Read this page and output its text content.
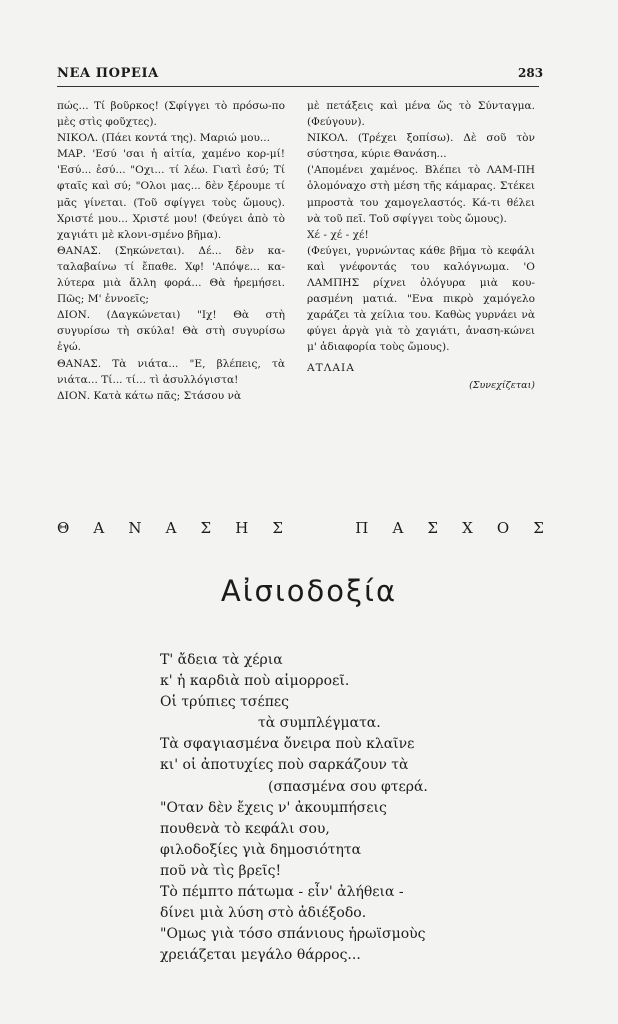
ΝΕΑ ΠΟΡΕΙΑ	283

πώς... Τί βοῦρκος! (Σφίγγει τὸ πρόσω-πο μὲς στὶς φοῦχτες).

ΝΙΚΟΛ. (Πάει κοντά της). Μαριώ μου...

ΜΑΡ. 'Εσύ 'σαι ἡ αἰτία, χαμένο κορ-μί! 'Εσύ... ἐσύ... "Οχι... τί λέω. Γιατὶ ἐσύ; Τί φταῖς καὶ σύ; "Ολοι μας... δὲν ξέρουμε τί μᾶς γίνεται. (Τοῦ σφίγγει τοὺς ὤμους). Χριστέ μου... Χριστέ μου! (Φεύγει ἀπὸ τὸ χαγιάτι μὲ κλονι-σμένο βῆμα).

ΘΑΝΑΣ. (Σηκώνεται). Δέ... δὲν κα-ταλαβαίνω τί ἔπαθε. Χφ! 'Απόψε... κα-λύτερα μιὰ ἄλλη φορά... Θὰ ἠρεμήσει. Πῶς; Μ' ἐννοεῖς;

ΔΙΟΝ. (Δαγκώνεται) "Ιχ! Θὰ στὴ συγυρίσω τὴ σκύλα! Θὰ στὴ συγυρίσω ἐγώ.

ΘΑΝΑΣ. Τὰ νιάτα... "Ε, βλέπεις, τὰ νιάτα... Τί... τί... τὶ ἀσυλλόγιστα!

ΔΙΟΝ. Κατὰ κάτω πᾶς; Στάσου νὰ

μὲ πετάξεις καὶ μένα ὥς τὸ Σύνταγμα. (Φεύγουν).

ΝΙΚΟΛ. (Τρέχει ξοπίσω). Δὲ σοῦ τὸν σύστησα, κύριε Θανάση...

('Απομένει χαμένος. Βλέπει τὸ ΛΑΜ-ΠΗ ὁλομόναχο στὴ μέση τῆς κάμαρας. Στέκει μπροστὰ του χαμογελαστός. Κά-τι θέλει νὰ τοῦ πεῖ. Τοῦ σφίγγει τοὺς ὤμους).

Χέ - χέ - χέ!

(Φεύγει, γυρνώντας κάθε βῆμα τὸ κεφάλι καὶ γνέφοντάς του καλόγνωμα. 'Ο ΛΑΜΠΗΣ ρίχνει ὁλόγυρα μιὰ κου-ρασμένη ματιά. "Ενα πικρὸ χαμόγελο χαράζει τὰ χείλια του. Καθὼς γυρνάει νὰ φύγει ἀργὰ γιὰ τὸ χαγιάτι, ἀναση-κώνει μ' ἀδιαφορία τοὺς ὤμους).

ΑΤΛΑΙΑ

(Συνεχίζεται)

Θ Α Ν Α Σ Η Σ	Π Α Σ Χ Ο Σ
Αἰσιοδοξία
Τ' ἄδεια τὰ χέρια
κ' ἡ καρδιὰ ποὺ αἱμορροεῖ.
Οἱ τρύπιες τσέπες
τὰ συμπλέγματα.
Τὰ σφαγιασμένα ὄνειρα ποὺ κλαῖνε
κι' οἱ ἀποτυχίες ποὺ σαρκάζουν τὰ
(σπασμένα σου φτερά.
"Οταν δὲν ἔχεις ν' ἀκουμπήσεις
πουθενὰ τὸ κεφάλι σου,
φιλοδοξίες γιὰ δημοσιότητα
ποῦ νὰ τὶς βρεῖς!
Τὸ πέμπτο πάτωμα - εἶν' ἀλήθεια -
δίνει μιὰ λύση στὸ ἀδιέξοδο.
"Ομως γιὰ τόσο σπάνιους ἡρωϊσμοὺς
χρειάζεται μεγάλο θάρρος...
